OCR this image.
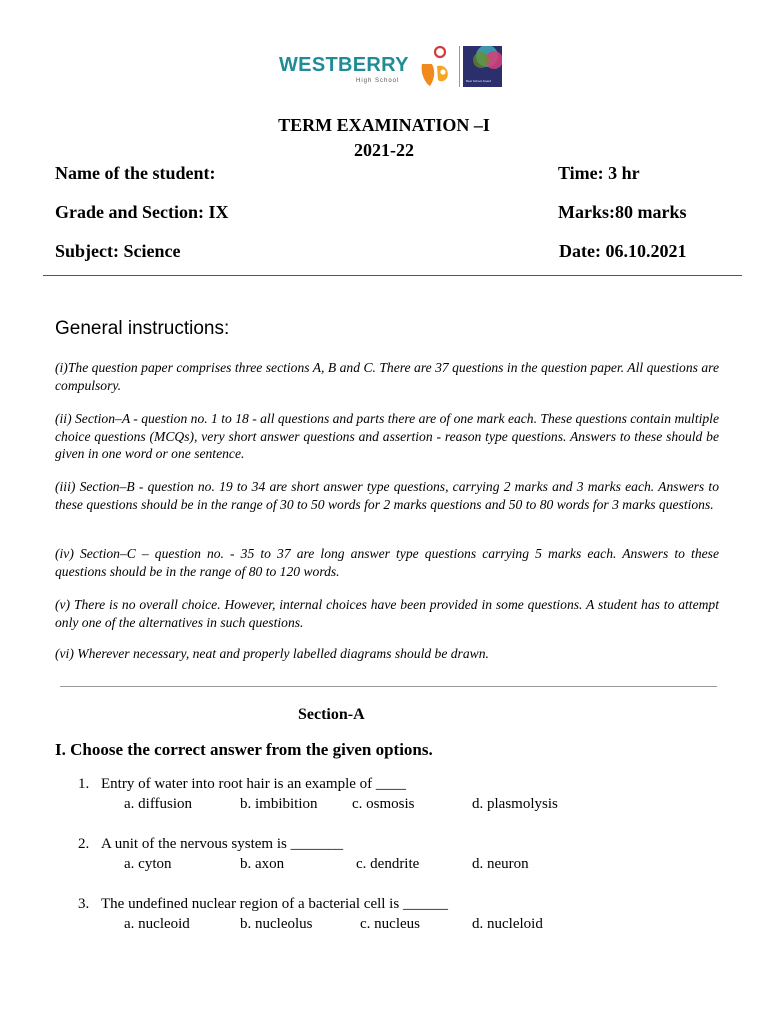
WESTBERRY
High School	Best School Award
TERM EXAMINATION –I
2021-22
Name of the student:	Time: 3 hr
Grade and Section: IX	Marks:80 marks
Subject: Science	Date: 06.10.2021
General instructions:
(i)The question paper comprises three sections A, B and C. There are 37 questions in the question paper. All questions are compulsory.
(ii) Section–A - question no. 1 to 18 - all questions and parts there are of one mark each. These questions contain multiple choice questions (MCQs), very short answer questions and assertion - reason type questions. Answers to these should be given in one word or one sentence.
(iii) Section–B - question no. 19 to 34 are short answer type questions, carrying 2 marks and 3 marks each. Answers to these questions should be in the range of 30 to 50 words for 2 marks questions and 50 to 80 words for 3 marks questions.
(iv) Section–C – question no. - 35 to 37 are long answer type questions carrying 5 marks each. Answers to these questions should be in the range of 80 to 120 words.
(v) There is no overall choice. However, internal choices have been provided in some questions. A student has to attempt only one of the alternatives in such questions.
(vi) Wherever necessary, neat and properly labelled diagrams should be drawn.
Section-A
I. Choose the correct answer from the given options.
1. Entry of water into root hair is an example of ____
a. diffusion	b. imbibition c. osmosis	d. plasmolysis
2. A unit of the nervous system is _______
a. cyton	b. axon	c. dendrite	d. neuron
3. The undefined nuclear region of a bacterial cell is ______
a. nucleoid	b. nucleolus	c. nucleus	d. nucleloid
